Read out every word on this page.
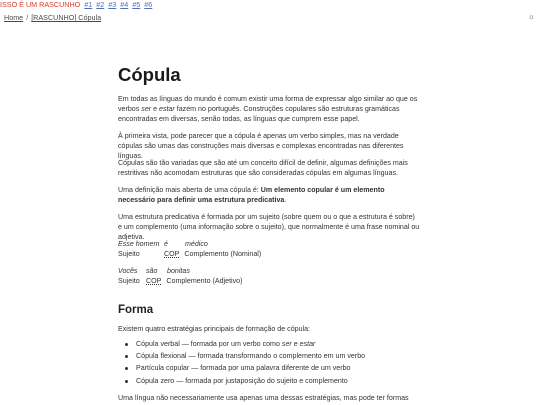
ISSO É UM RASCUNHO #1 #2 #3 #4 #5 #6
Home / [RASCUNHO] Cópula	☼
Cópula

Em todas as línguas do mundo é comum existir uma forma de expressar algo similar ao que os verbos ser e estar fazem no português. Construções copulares são estruturas gramáticas encontradas em diversas, senão todas, as línguas que cumprem esse papel.

À primeira vista, pode parecer que a cópula é apenas um verbo simples, mas na verdade cópulas são umas das construções mais diversas e complexas encontradas nas diferentes línguas.

Cópulas são tão variadas que são até um conceito difícil de definir, algumas definições mais restritivas não acomodam estruturas que são consideradas cópulas em algumas línguas.

Uma definição mais aberta de uma cópula é: Um elemento copular é um elemento necessário para definir uma estrutura predicativa.

Uma estrutura predicativa é formada por um sujeito (sobre quem ou o que a estrutura é sobre) e um complemento (uma informação sobre o sujeito), que normalmente é uma frase nominal ou adjetiva.

Esse homem é médico
Sujeito	COP Complemento (Nominal)
Vocês são bonitas
Sujeito COP Complemento (Adjetivo)
Forma

Existem quatro estratégias principais de formação de cópula:

Cópula verbal — formada por um verbo como ser e estar
Cópula flexional — formada transformando o complemento em um verbo
Partícula copular — formada por uma palavra diferente de um verbo
Cópula zero — formada por justaposição do sujeito e complemento

Uma língua não necessariamente usa apenas uma dessas estratégias, mas pode ter formas
